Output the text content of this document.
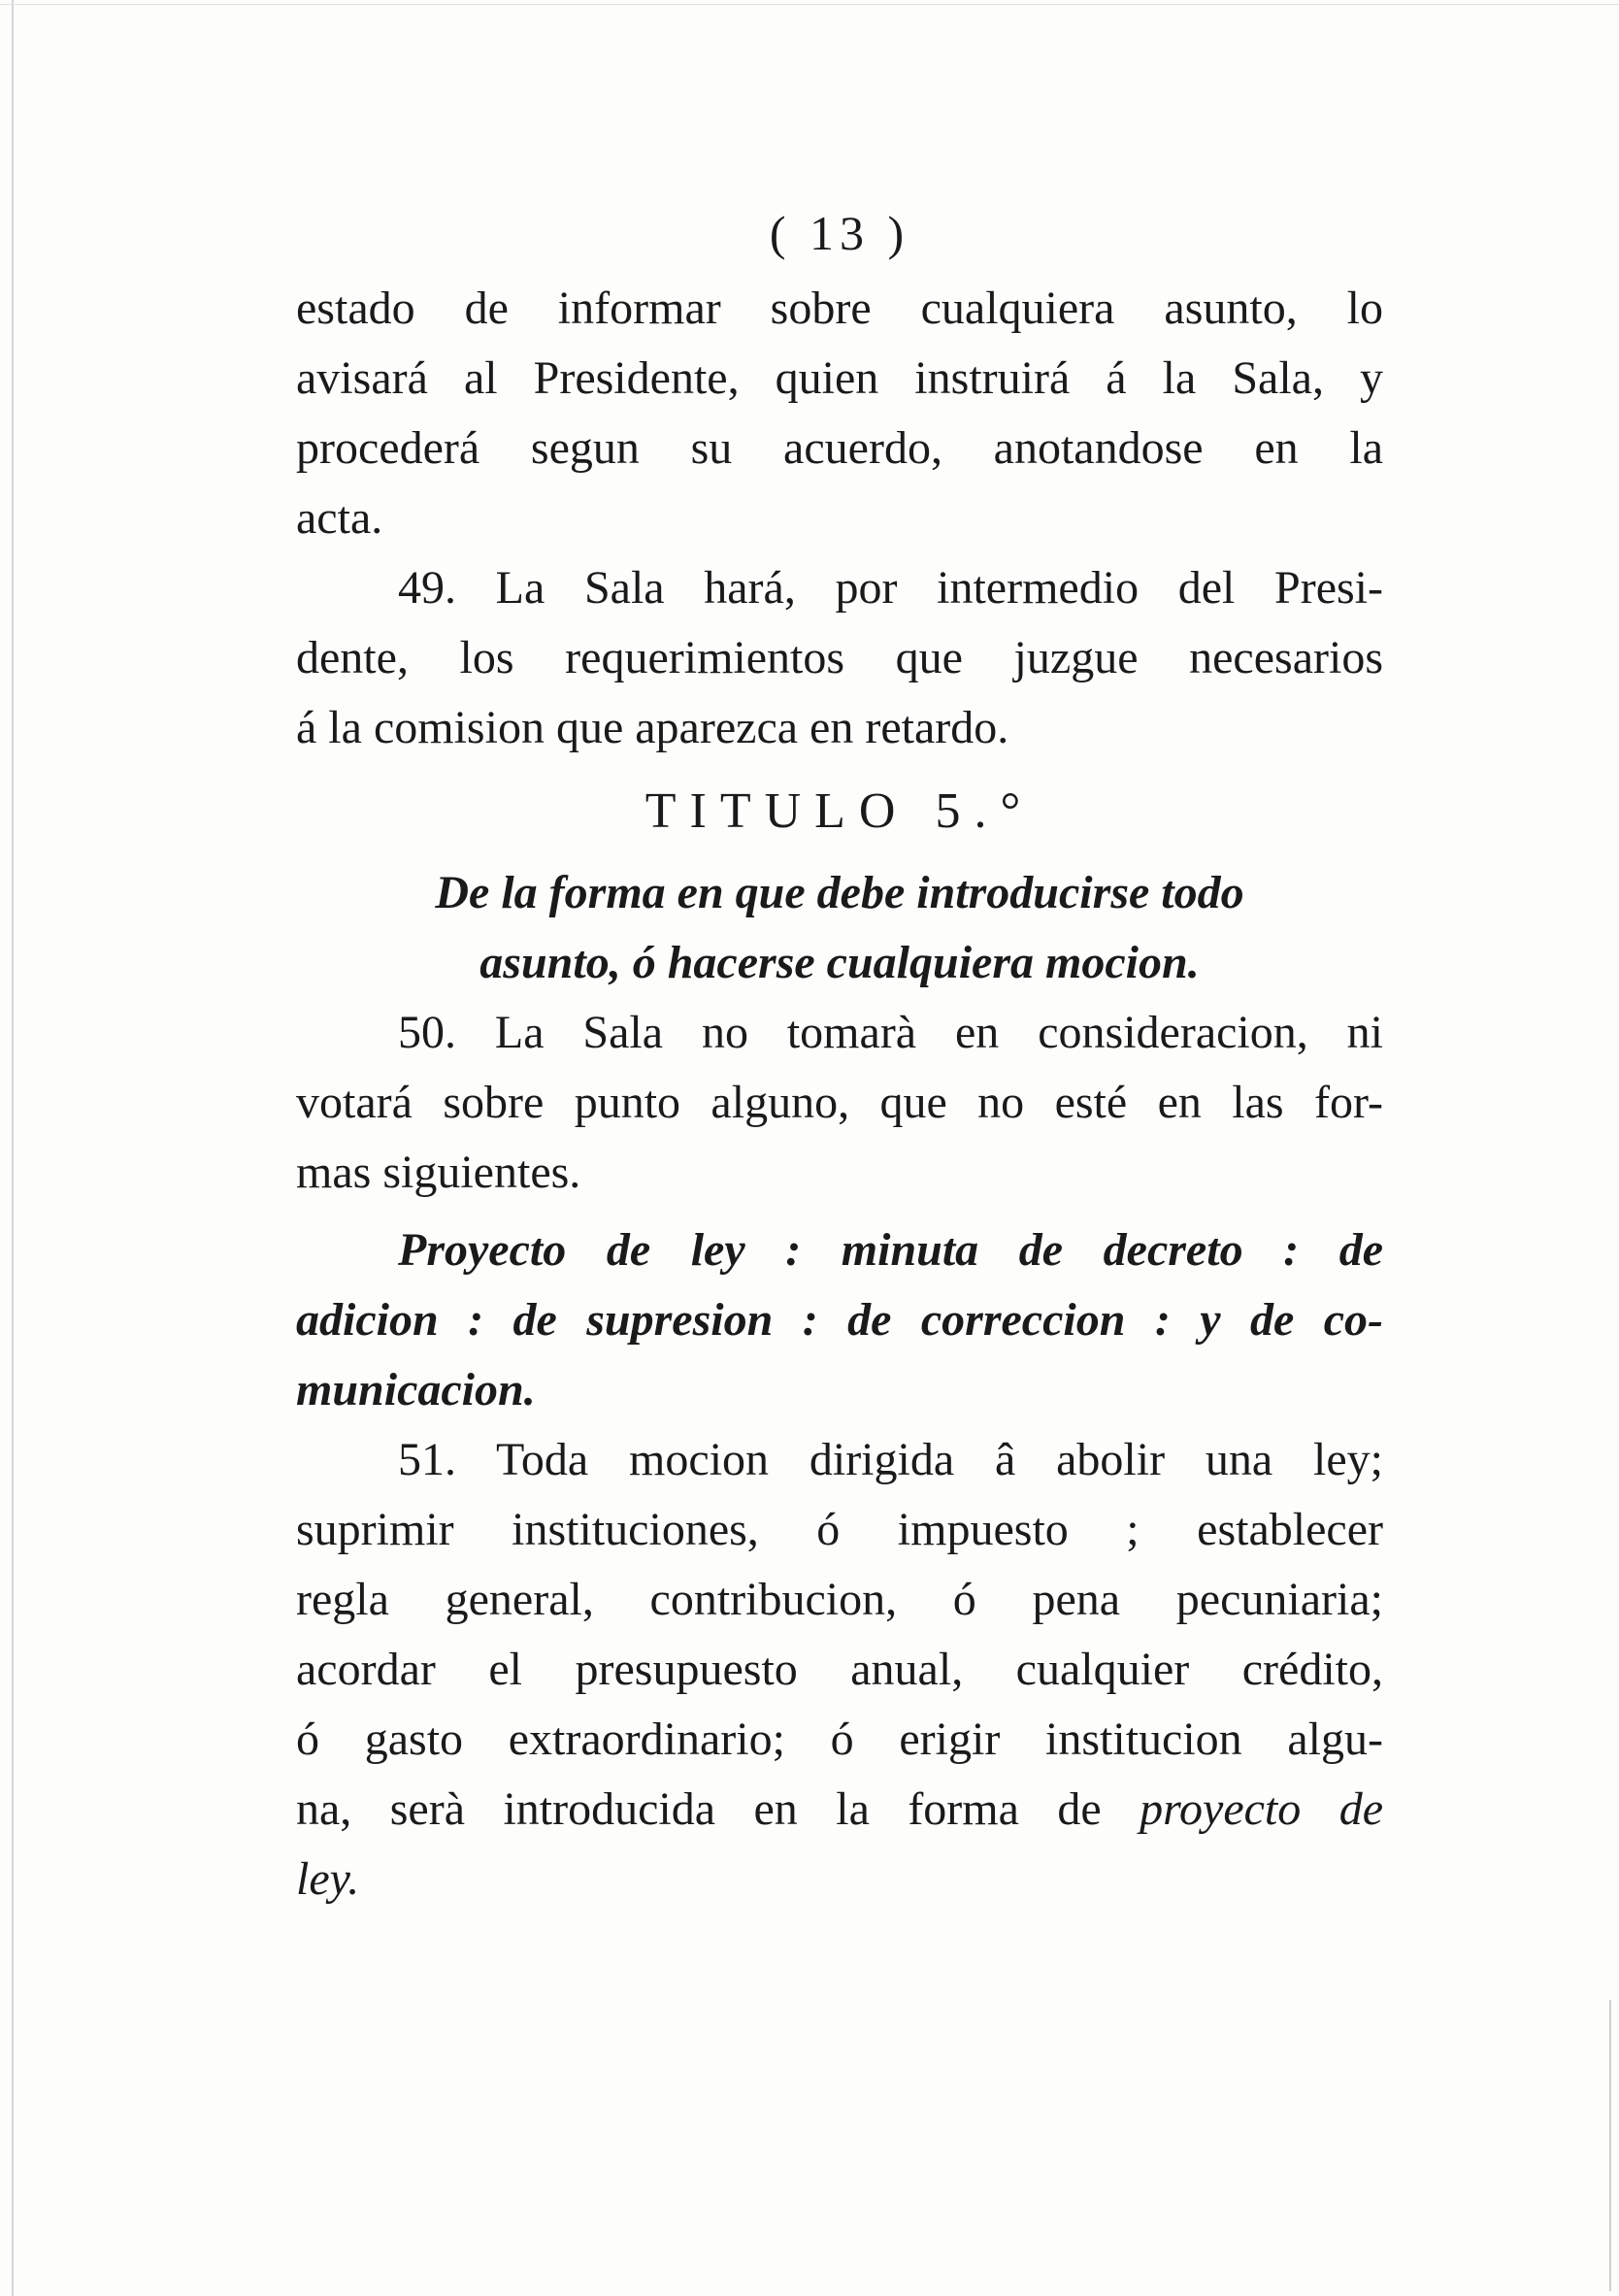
( 13 )
estado de informar sobre cualquiera asunto, lo
avisará al Presidente, quien instruirá á la Sala, y
procederá segun su acuerdo, anotandose en la
acta.
49. La Sala hará, por intermedio del Presi-
dente, los requerimientos que juzgue necesarios
á la comision que aparezca en retardo.
TITULO 5.°
De la forma en que debe introducirse todo
asunto, ó hacerse cualquiera mocion.
50. La Sala no tomarà en consideracion, ni
votará sobre punto alguno, que no esté en las for-
mas siguientes.
Proyecto de ley : minuta de decreto : de
adicion : de supresion : de correccion : y de co-
municacion.
51. Toda mocion dirigida â abolir una ley;
suprimir instituciones, ó impuesto ; establecer
regla general, contribucion, ó pena pecuniaria;
acordar el presupuesto anual, cualquier crédito,
ó gasto extraordinario; ó erigir institucion algu-
na, serà introducida en la forma de proyecto de
ley.
